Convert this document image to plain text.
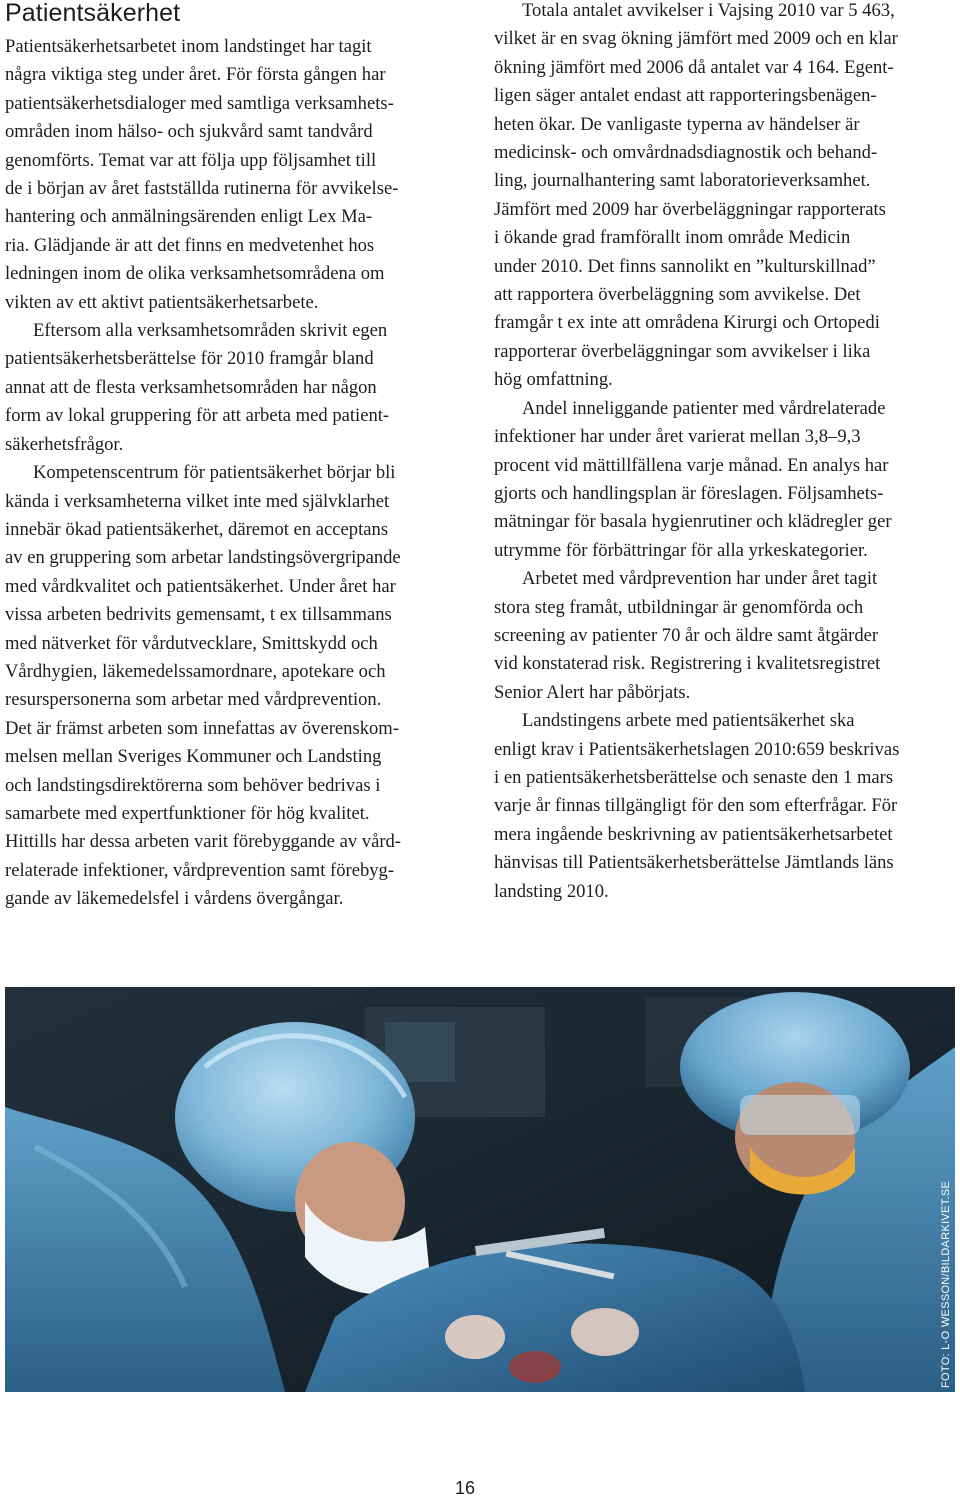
Patientsäkerhet

Patientsäkerhetsarbetet inom landstinget har tagit
några viktiga steg under året. För första gången har
patientsäkerhetsdialoger med samtliga verksamhets-
områden inom hälso- och sjukvård samt tandvård
genomförts. Temat var att följa upp följsamhet till
de i början av året fastställda rutinerna för avvikelse-
hantering och anmälningsärenden enligt Lex Ma-
ria. Glädjande är att det finns en medvetenhet hos
ledningen inom de olika verksamhetsområdena om
vikten av ett aktivt patientsäkerhetsarbete.

Eftersom alla verksamhetsområden skrivit egen
patientsäkerhetsberättelse för 2010 framgår bland
annat att de flesta verksamhetsområden har någon
form av lokal gruppering för att arbeta med patient-
säkerhetsfrågor.

Kompetenscentrum för patientsäkerhet börjar bli
kända i verksamheterna vilket inte med självklarhet
innebär ökad patientsäkerhet, däremot en acceptans
av en gruppering som arbetar landstingsövergripande
med vårdkvalitet och patientsäkerhet. Under året har
vissa arbeten bedrivits gemensamt, t ex tillsammans
med nätverket för vårdutvecklare, Smittskydd och
Vårdhygien, läkemedelssamordnare, apotekare och
resurspersonerna som arbetar med vårdprevention.
Det är främst arbeten som innefattas av överenskom-
melsen mellan Sveriges Kommuner och Landsting
och landstingsdirektörerna som behöver bedrivas i
samarbete med expertfunktioner för hög kvalitet.
Hittills har dessa arbeten varit förebyggande av vård-
relaterade infektioner, vårdprevention samt förebyg-
gande av läkemedelsfel i vårdens övergångar.

Totala antalet avvikelser i Vajsing 2010 var 5 463,
vilket är en svag ökning jämfört med 2009 och en klar
ökning jämfört med 2006 då antalet var 4 164. Egent-
ligen säger antalet endast att rapporteringsbenägen-
heten ökar. De vanligaste typerna av händelser är
medicinsk- och omvårdnadsdiagnostik och behand-
ling, journalhantering samt laboratorieverksamhet.
Jämfört med 2009 har överbeläggningar rapporterats
i ökande grad framförallt inom område Medicin
under 2010. Det finns sannolikt en ”kulturskillnad”
att rapportera överbeläggning som avvikelse. Det
framgår t ex inte att områdena Kirurgi och Ortopedi
rapporterar överbeläggningar som avvikelser i lika
hög omfattning.

Andel inneliggande patienter med vårdrelaterade
infektioner har under året varierat mellan 3,8–9,3
procent vid mättillfällena varje månad. En analys har
gjorts och handlingsplan är föreslagen. Följsamhets-
mätningar för basala hygienrutiner och klädregler ger
utrymme för förbättringar för alla yrkeskategorier.

Arbetet med vårdprevention har under året tagit
stora steg framåt, utbildningar är genomförda och
screening av patienter 70 år och äldre samt åtgärder
vid konstaterad risk. Registrering i kvalitetsregistret
Senior Alert har påbörjats.

Landstingens arbete med patientsäkerhet ska
enligt krav i Patientsäkerhetslagen 2010:659 beskrivas
i en patientsäkerhetsberättelse och senaste den 1 mars
varje år finnas tillgängligt för den som efterfrågar. För
mera ingående beskrivning av patientsäkerhetsarbetet
hänvisas till Patientsäkerhetsberättelse Jämtlands läns
landsting 2010.

FOTO: L-O WESSON/BILDARKIVET.SE
16
